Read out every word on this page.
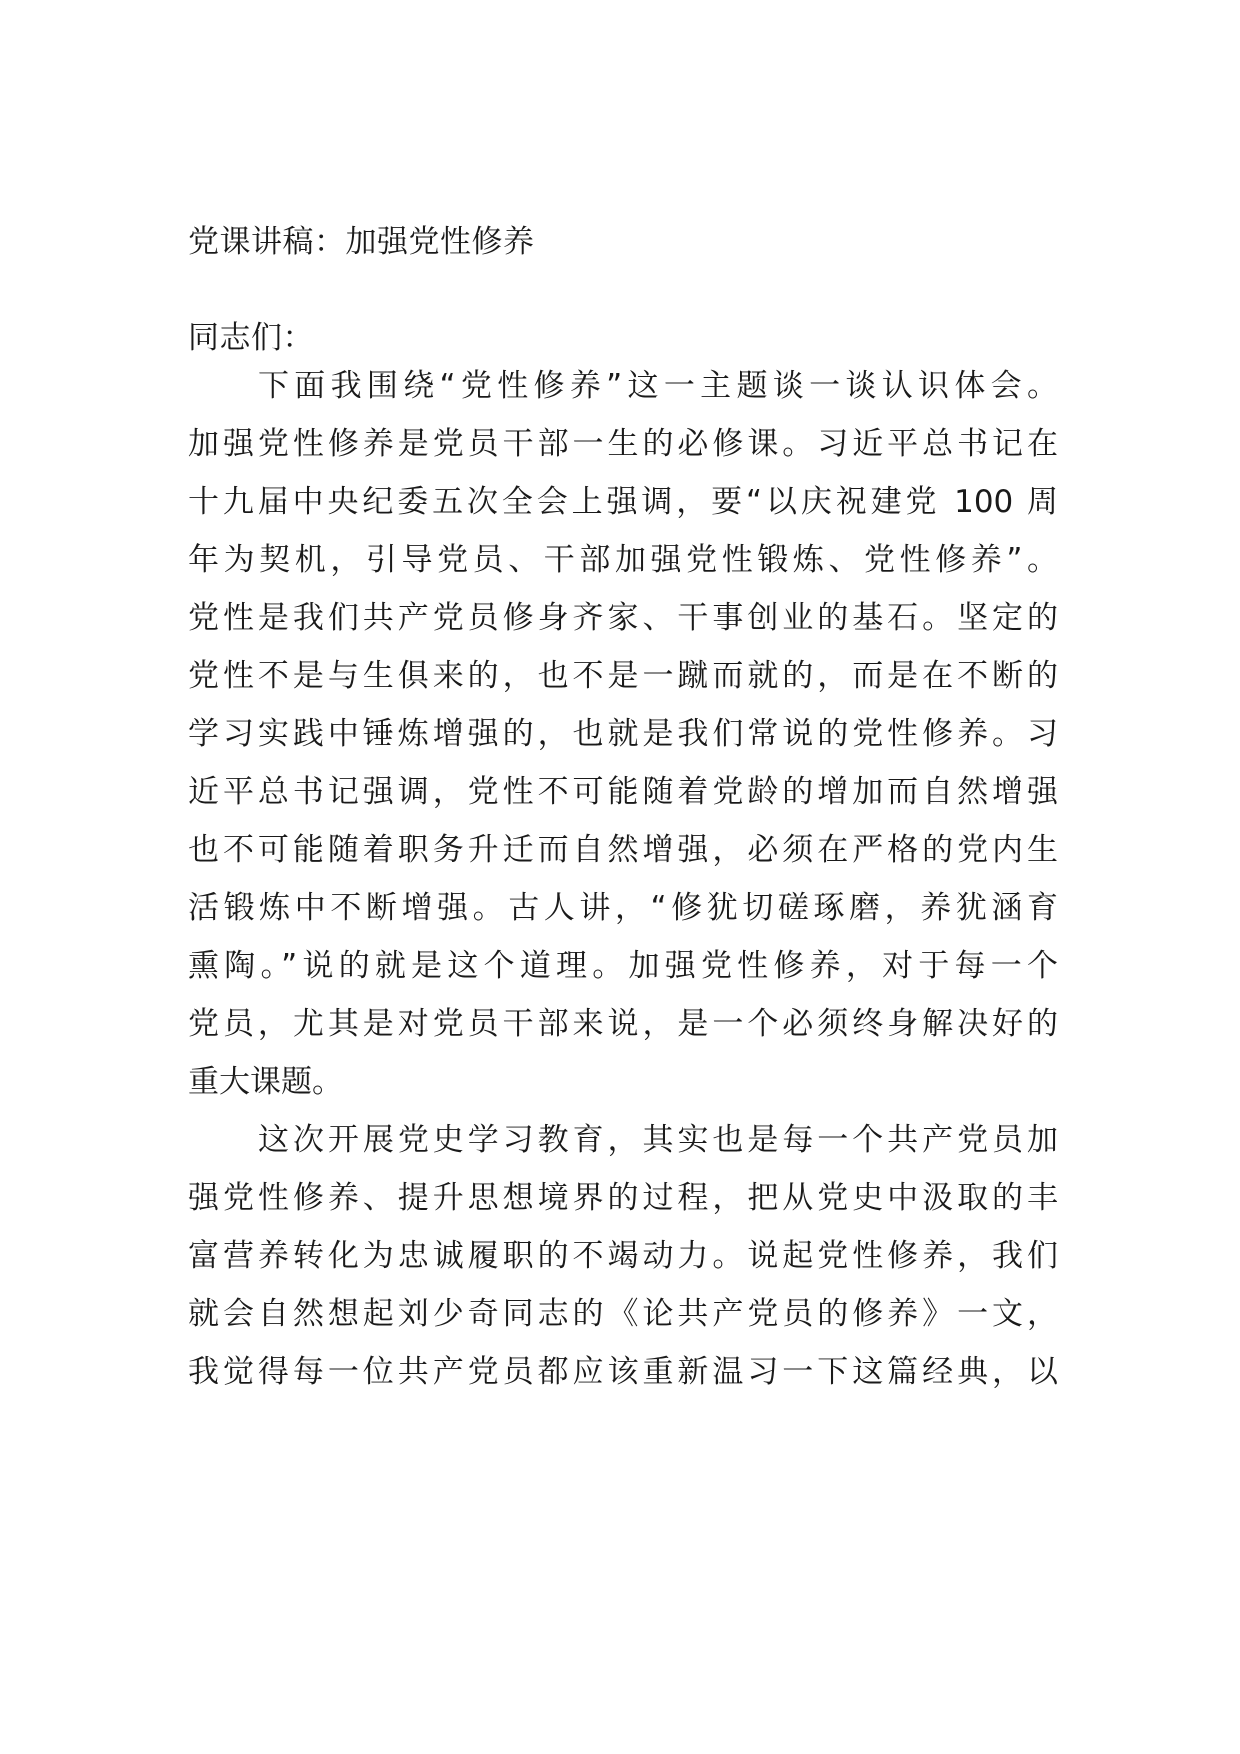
党课讲稿：加强党性修养
同志们：
下面我围绕“党性修养”这一主题谈一谈认识体会。
加强党性修养是党员干部一生的必修课。习近平总书记在
十九届中央纪委五次全会上强调，要“以庆祝建党 100 周
年为契机，引导党员、干部加强党性锻炼、党性修养”。
党性是我们共产党员修身齐家、干事创业的基石。坚定的
党性不是与生俱来的，也不是一蹴而就的，而是在不断的
学习实践中锤炼增强的，也就是我们常说的党性修养。习
近平总书记强调，党性不可能随着党龄的增加而自然增强
也不可能随着职务升迁而自然增强，必须在严格的党内生
活锻炼中不断增强。古人讲，“修犹切磋琢磨，养犹涵育
熏陶。”说的就是这个道理。加强党性修养，对于每一个
党员，尤其是对党员干部来说，是一个必须终身解决好的
重大课题。
这次开展党史学习教育，其实也是每一个共产党员加
强党性修养、提升思想境界的过程，把从党史中汲取的丰
富营养转化为忠诚履职的不竭动力。说起党性修养，我们
就会自然想起刘少奇同志的《论共产党员的修养》一文，
我觉得每一位共产党员都应该重新温习一下这篇经典，以
